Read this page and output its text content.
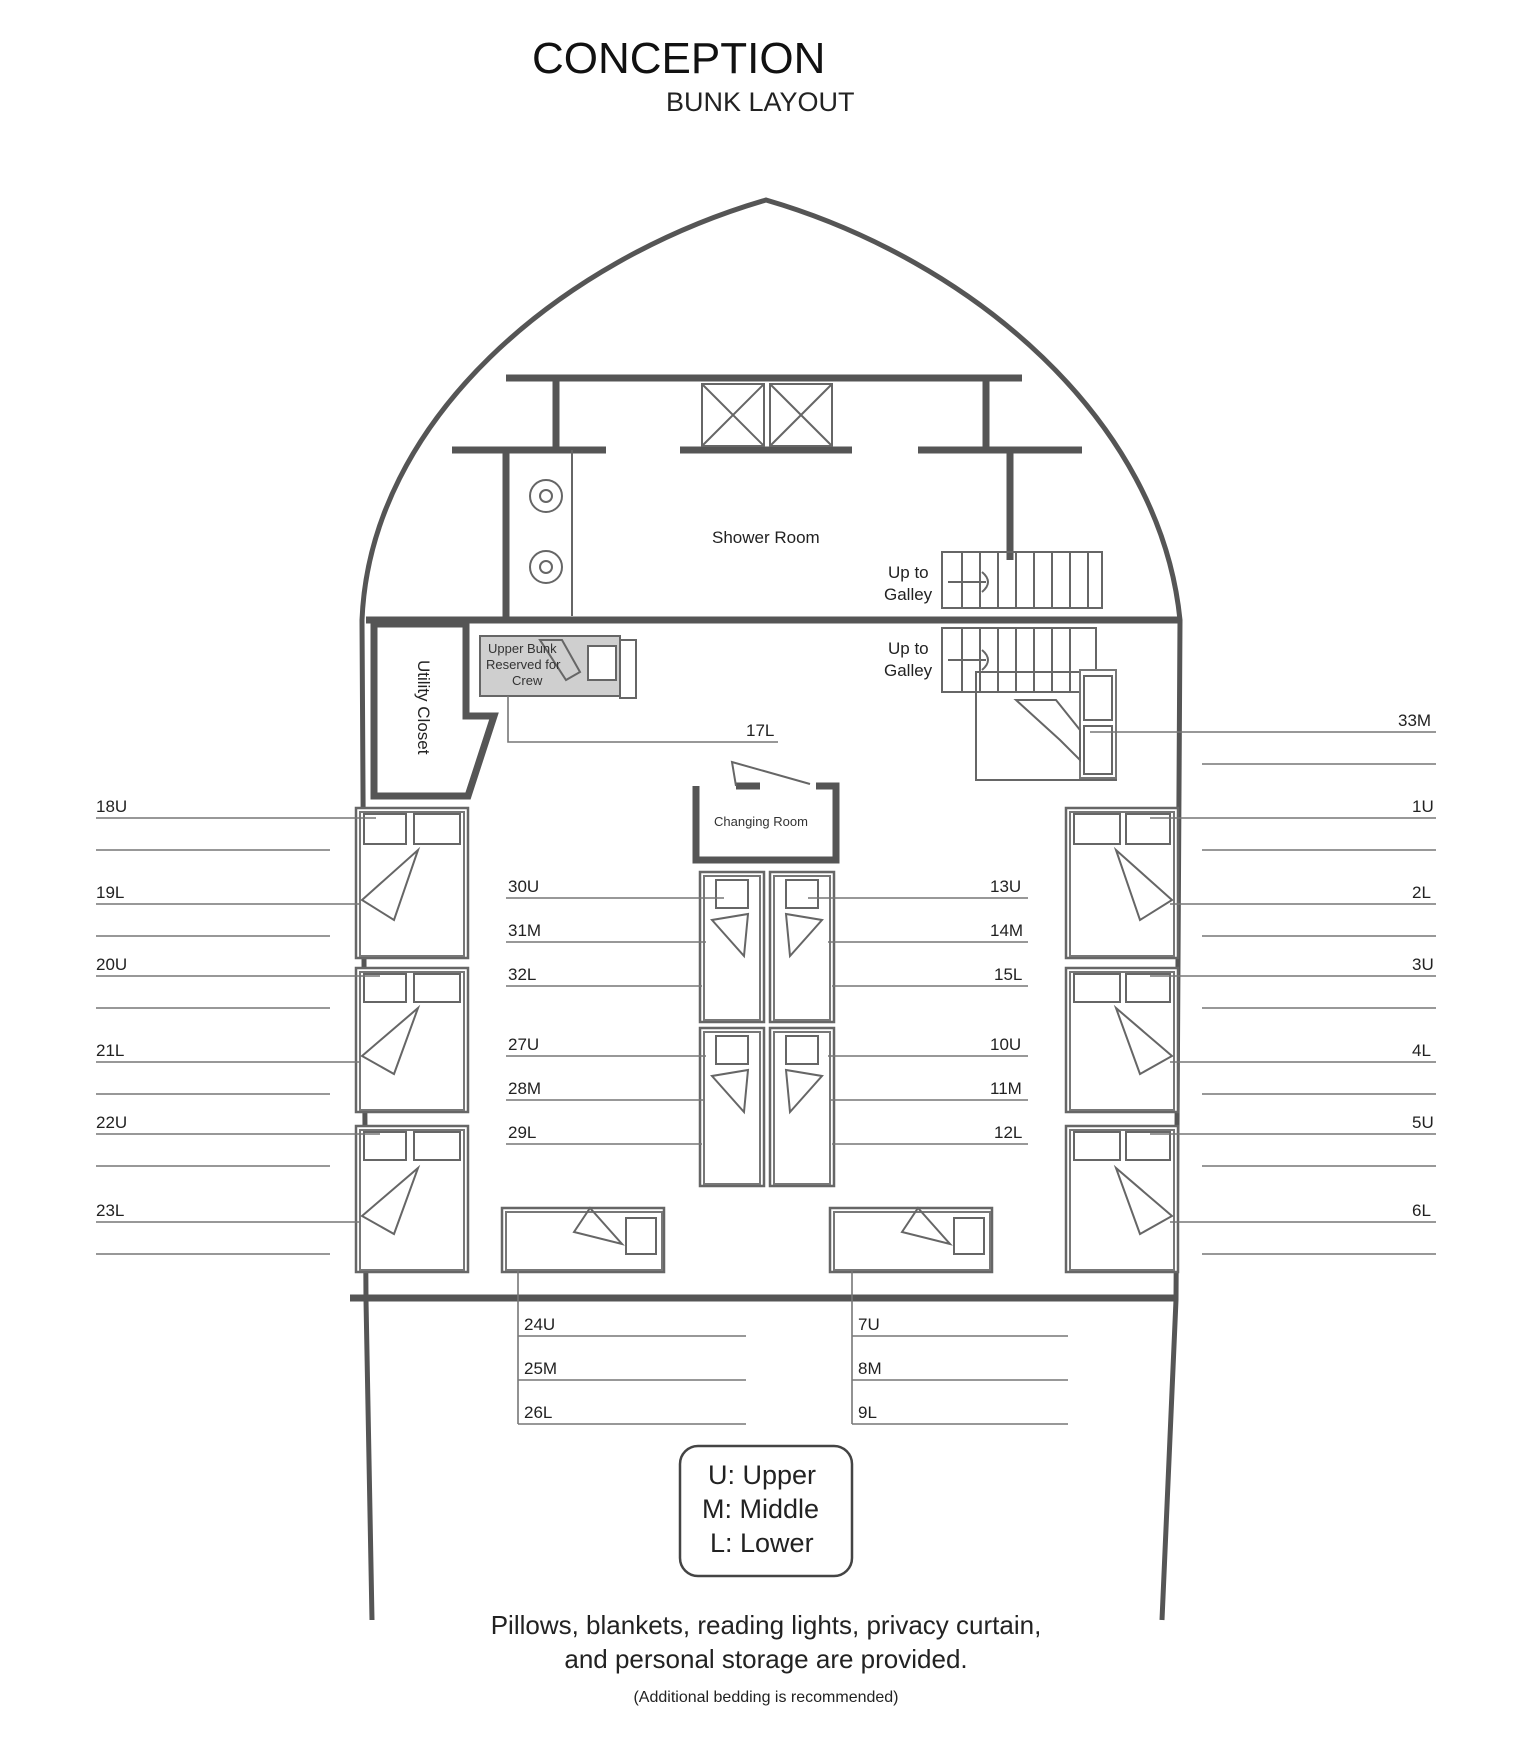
CONCEPTION
BUNK LAYOUT
Shower Room
Up to
Galley
Up to
Galley
Utility Closet
Upper Bunk
Reserved for
Crew
17L
Changing Room
18U
19L
20U
21L
22U
23L
33M
1U
2L
3U
4L
5U
6L
30U
31M
32L
27U
28M
29L
13U
14M
15L
10U
11M
12L
24U
25M
26L
7U
8M
9L
U: Upper
M: Middle
L: Lower
Pillows, blankets, reading lights, privacy curtain,
and personal storage are provided.
(Additional bedding is recommended)
